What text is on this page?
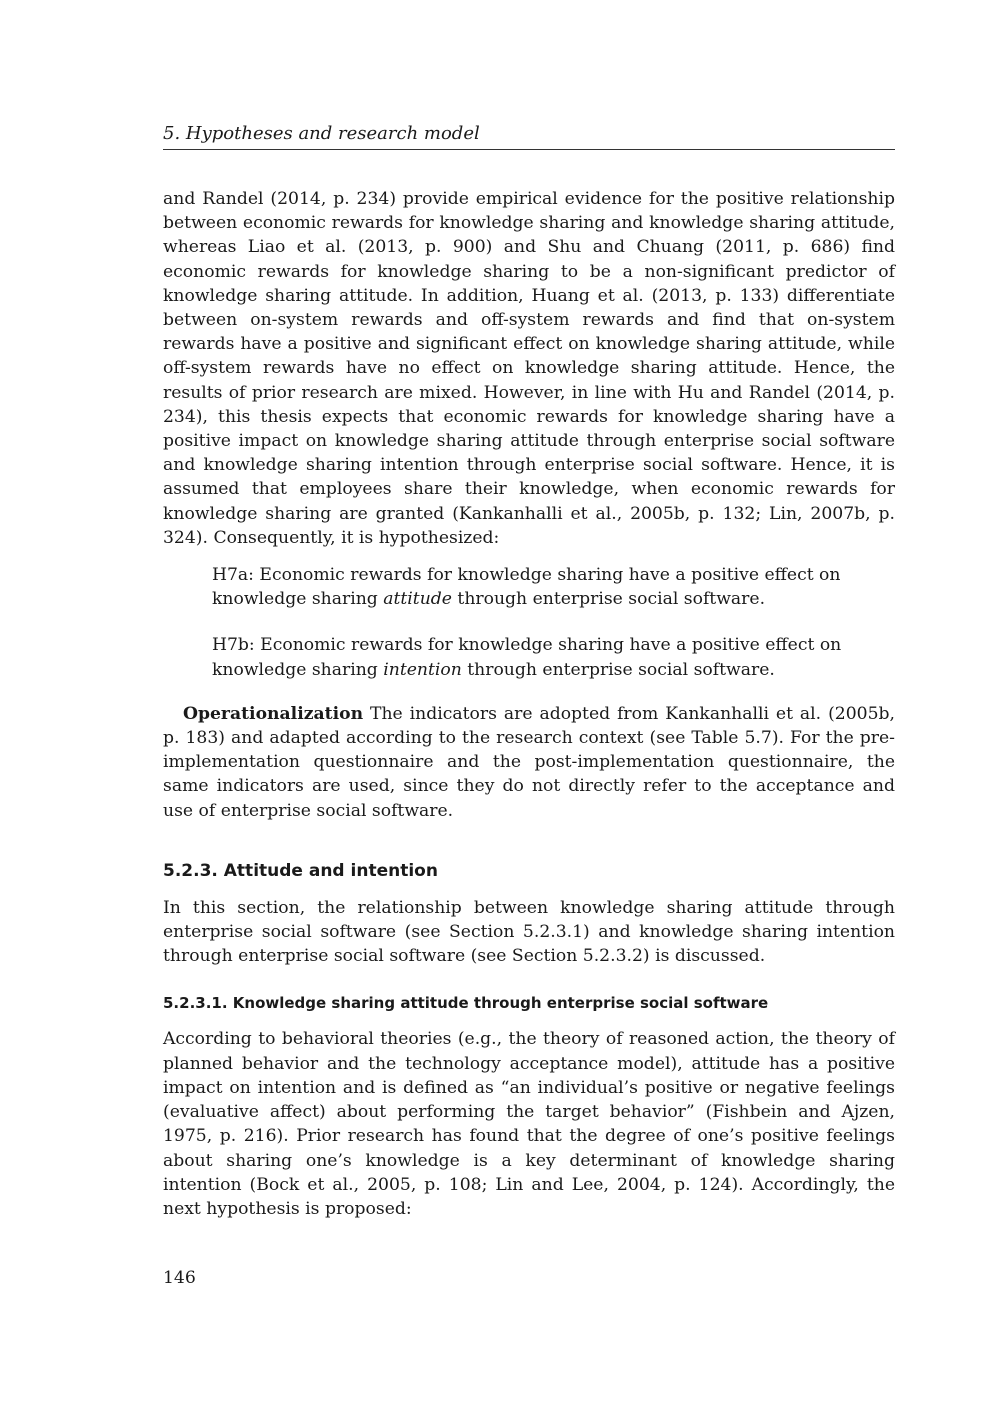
5. Hypotheses and research model

and Randel (2014, p. 234) provide empirical evidence for the positive relationship between economic rewards for knowledge sharing and knowledge sharing attitude, whereas Liao et al. (2013, p. 900) and Shu and Chuang (2011, p. 686) find economic rewards for knowledge sharing to be a non-significant predictor of knowledge sharing attitude. In addition, Huang et al. (2013, p. 133) differentiate between on-system rewards and off-system rewards and find that on-system rewards have a positive and significant effect on knowledge sharing attitude, while off-system rewards have no effect on knowledge sharing attitude. Hence, the results of prior research are mixed. However, in line with Hu and Randel (2014, p. 234), this thesis expects that economic rewards for knowledge sharing have a positive impact on knowledge sharing attitude through enterprise social software and knowledge sharing intention through enterprise social software. Hence, it is assumed that employees share their knowledge, when economic rewards for knowledge sharing are granted (Kankanhalli et al., 2005b, p. 132; Lin, 2007b, p. 324). Consequently, it is hypothesized:

H7a: Economic rewards for knowledge sharing have a positive effect on knowledge sharing attitude through enterprise social software.

H7b: Economic rewards for knowledge sharing have a positive effect on knowledge sharing intention through enterprise social software.

Operationalization The indicators are adopted from Kankanhalli et al. (2005b, p. 183) and adapted according to the research context (see Table 5.7). For the pre-implementation questionnaire and the post-implementation questionnaire, the same indicators are used, since they do not directly refer to the acceptance and use of enterprise social software.

5.2.3. Attitude and intention

In this section, the relationship between knowledge sharing attitude through enterprise social software (see Section 5.2.3.1) and knowledge sharing intention through enterprise social software (see Section 5.2.3.2) is discussed.

5.2.3.1. Knowledge sharing attitude through enterprise social software

According to behavioral theories (e.g., the theory of reasoned action, the theory of planned behavior and the technology acceptance model), attitude has a positive impact on intention and is defined as “an individual’s positive or negative feelings (evaluative affect) about performing the target behavior” (Fishbein and Ajzen, 1975, p. 216). Prior research has found that the degree of one’s positive feelings about sharing one’s knowledge is a key determinant of knowledge sharing intention (Bock et al., 2005, p. 108; Lin and Lee, 2004, p. 124). Accordingly, the next hypothesis is proposed:

146
